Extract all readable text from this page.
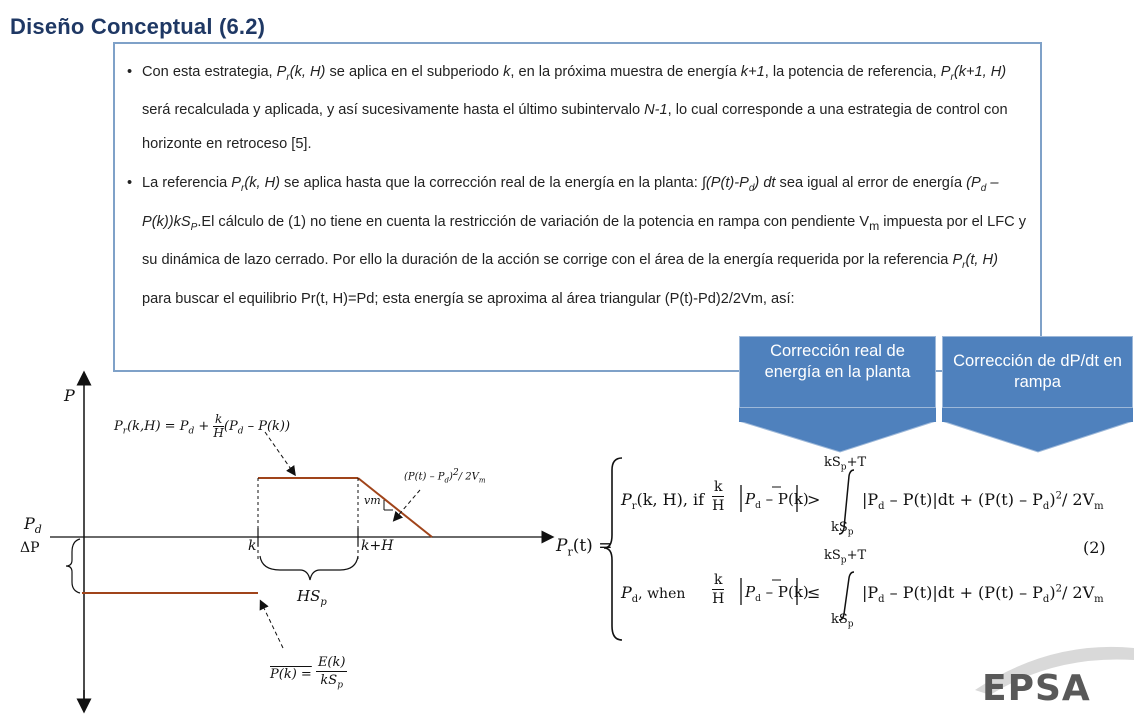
Diseño Conceptual (6.2)
• Con esta estrategia, $P_r(k$, H) se aplica en el subperiodo k, en la próxima muestra de energía k+1, la potencia de referencia, $P_r(k+1$, H) será recalculada y aplicada, y así sucesivamente hasta el último subintervalo N-1, lo cual corresponde a una estrategia de control con horizonte en retroceso [5].
• La referencia $P_r(k$, H) se aplica hasta que la corrección real de la energía en la planta: $\int(P(t)-P_d)$ dt sea igual al error de energía $(P_d - P(k))kS_P.El$ cálculo de (1) no tiene en cuenta la restricción de variación de la potencia en rampa con pendiente $V_m$ impuesta por el LFC y su dinámica de lazo cerrado. Por ello la duración de la acción se corrige con el área de la energía requerida por la referencia $P_r(t$, H) para buscar el equilibrio Pr(t, H)=Pd; esta energía se aproxima al área triangular (P(t)-Pd)2/2Vm, así:
Corrección real de energía en la planta
Corrección de dP/dt en rampa
P
$P_d$
ΔP	k	k+H
$HS_p$
vm
$P_r(k,H) = P_d + \frac{k}{H} (P_d - P(k))$
$(P(t) - P_d)^2/$ $2V_m$
P(k) =
E(k)
$kS_p$
$P_r(t)$ =
$P_r(k$, H), if
k
H $P_d - P(k)$
>
$kS_p+T$
$kS_p$
$|P_d - P(t)|dt + (P(t) - P_d)^2/$ $2V_m$
(2)
$P_d$, when
k
H $P_d - P(k)$
≤
$kS_p+T$
$kS_p$
$|P_d - P(t)|dt + (P(t) - P_d)^2/$ $2V_m$
EPSA
